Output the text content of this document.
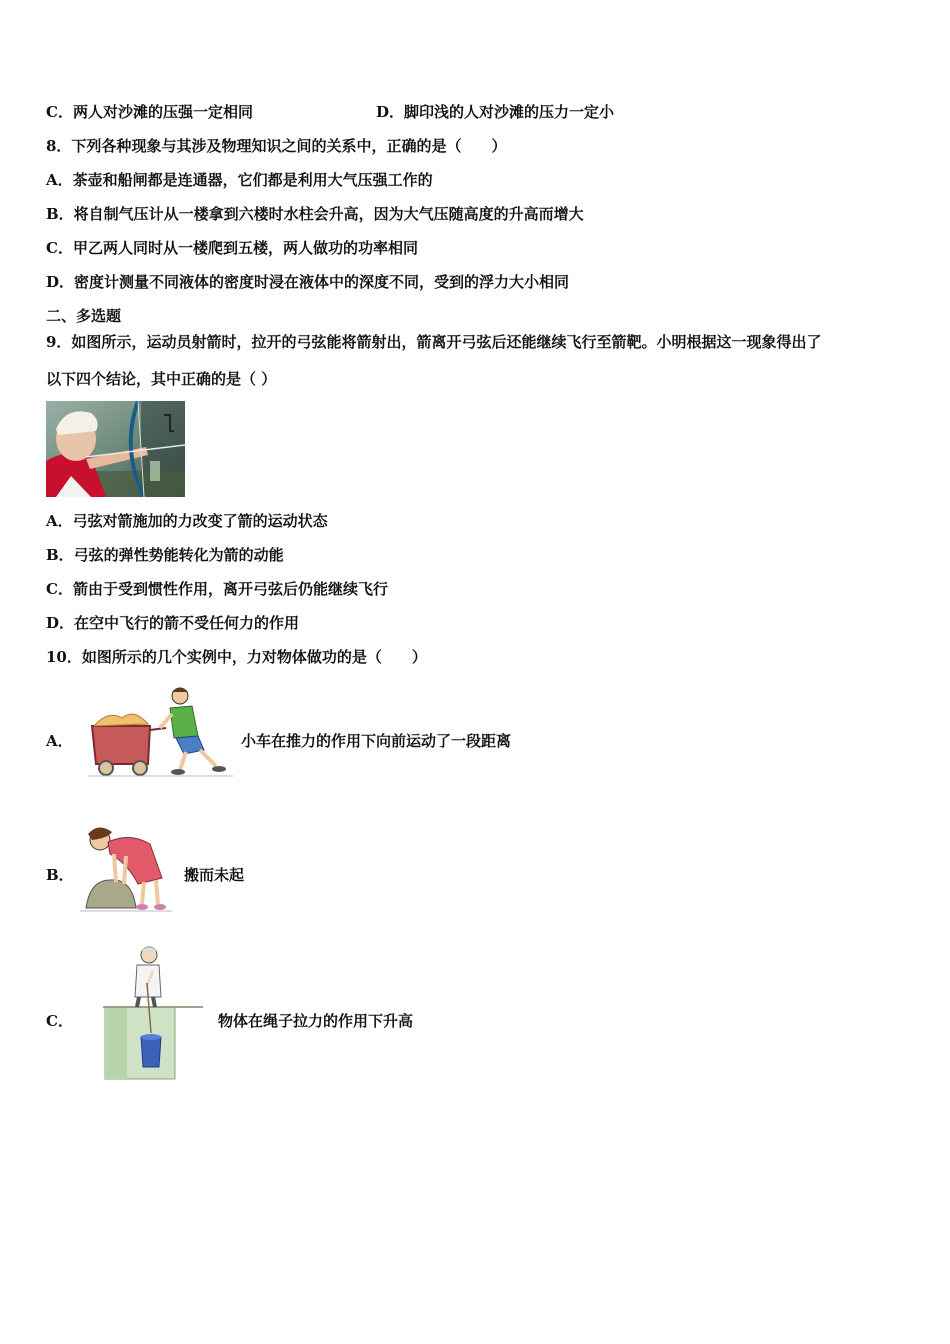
C．两人对沙滩的压强一定相同	D．脚印浅的人对沙滩的压力一定小
8．下列各种现象与其涉及物理知识之间的关系中，正确的是（　　）
A．茶壶和船闸都是连通器，它们都是利用大气压强工作的
B．将自制气压计从一楼拿到六楼时水柱会升高，因为大气压随高度的升高而增大
C．甲乙两人同时从一楼爬到五楼，两人做功的功率相同
D．密度计测量不同液体的密度时浸在液体中的深度不同，受到的浮力大小相同
二、多选题
9．如图所示，运动员射箭时，拉开的弓弦能将箭射出，箭离开弓弦后还能继续飞行至箭靶。小明根据这一现象得出了
以下四个结论，其中正确的是（ ）
A．弓弦对箭施加的力改变了箭的运动状态
B．弓弦的弹性势能转化为箭的动能
C．箭由于受到惯性作用，离开弓弦后仍能继续飞行
D．在空中飞行的箭不受任何力的作用
10．如图所示的几个实例中，力对物体做功的是（　　）
A．	小车在推力的作用下向前运动了一段距离
B．	搬而未起
C．	物体在绳子拉力的作用下升高
